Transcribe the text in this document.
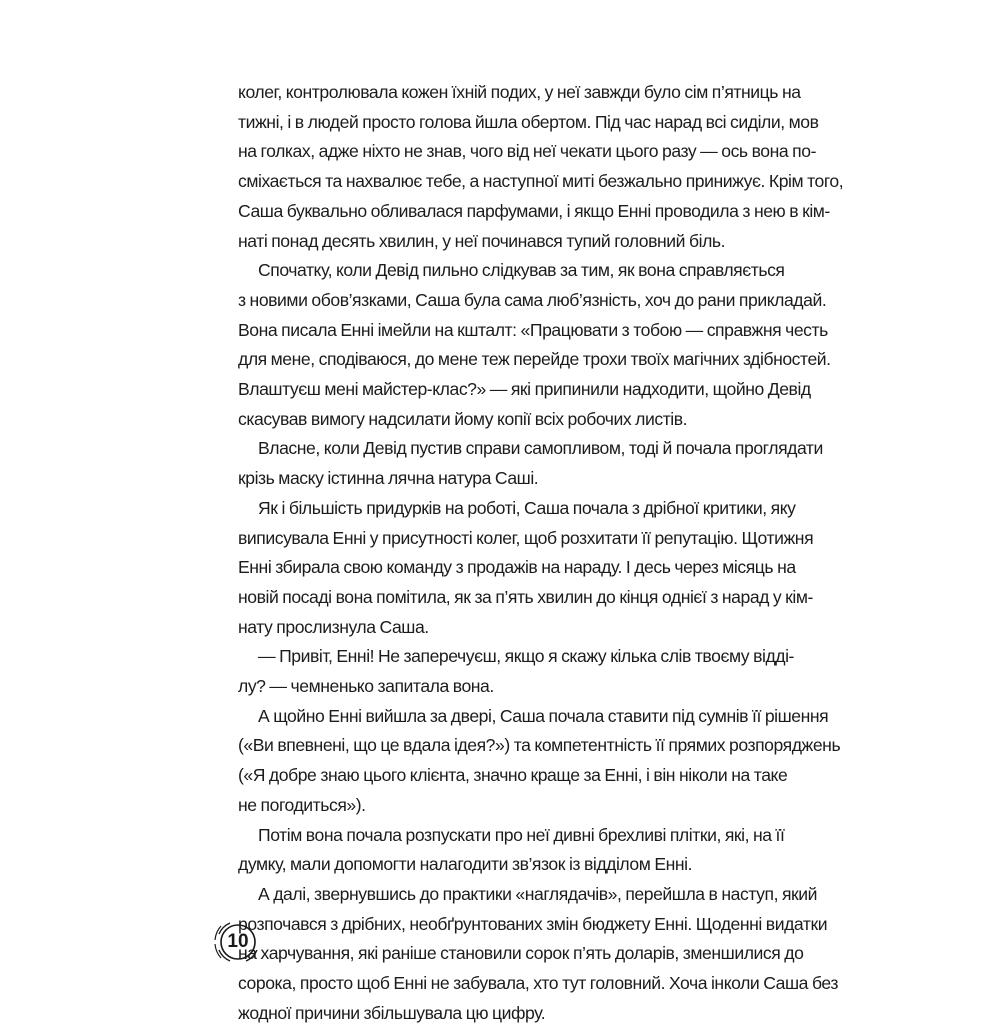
колег, контролювала кожен їхній подих, у неї завжди було сім п’ятниць на
тижні, і в людей просто голова йшла обертом. Під час нарад всі сиділи, мов
на голках, адже ніхто не знав, чого від неї чекати цього разу — ось вона по-
сміхається та нахвалює тебе, а наступної миті безжально принижує. Крім того,
Саша буквально обливалася парфумами, і якщо Енні проводила з нею в кім-
наті понад десять хвилин, у неї починався тупий головний біль.
Спочатку, коли Девід пильно слідкував за тим, як вона справляється
з новими обов’язками, Саша була сама люб’язність, хоч до рани прикладай.
Вона писала Енні імейли на кшталт: «Працювати з тобою — справжня честь
для мене, сподіваюся, до мене теж перейде трохи твоїх магічних здібностей.
Влаштуєш мені майстер-клас?» — які припинили надходити, щойно Девід
скасував вимогу надсилати йому копії всіх робочих листів.
Власне, коли Девід пустив справи самопливом, тоді й почала проглядати
крізь маску істинна лячна натура Саші.
Як і більшість придурків на роботі, Саша почала з дрібної критики, яку
виписувала Енні у присутності колег, щоб розхитати її репутацію. Щотижня
Енні збирала свою команду з продажів на нараду. І десь через місяць на
новій посаді вона помітила, як за п’ять хвилин до кінця однієї з нарад у кім-
нату прослизнула Саша.
— Привіт, Енні! Не заперечуєш, якщо я скажу кілька слів твоєму відді-
лу? — чемненько запитала вона.
А щойно Енні вийшла за двері, Саша почала ставити під сумнів її рішення
(«Ви впевнені, що це вдала ідея?») та компетентність її прямих розпоряджень
(«Я добре знаю цього клієнта, значно краще за Енні, і він ніколи на таке
не погодиться»).
Потім вона почала розпускати про неї дивні брехливі плітки, які, на її
думку, мали допомогти налагодити зв’язок із відділом Енні.
А далі, звернувшись до практики «наглядачів», перейшла в наступ, який
розпочався з дрібних, необґрунтованих змін бюджету Енні. Щоденні видатки
на харчування, які раніше становили сорок п’ять доларів, зменшилися до
сорока, просто щоб Енні не забувала, хто тут головний. Хоча інколи Саша без
жодної причини збільшувала цю цифру.
10
